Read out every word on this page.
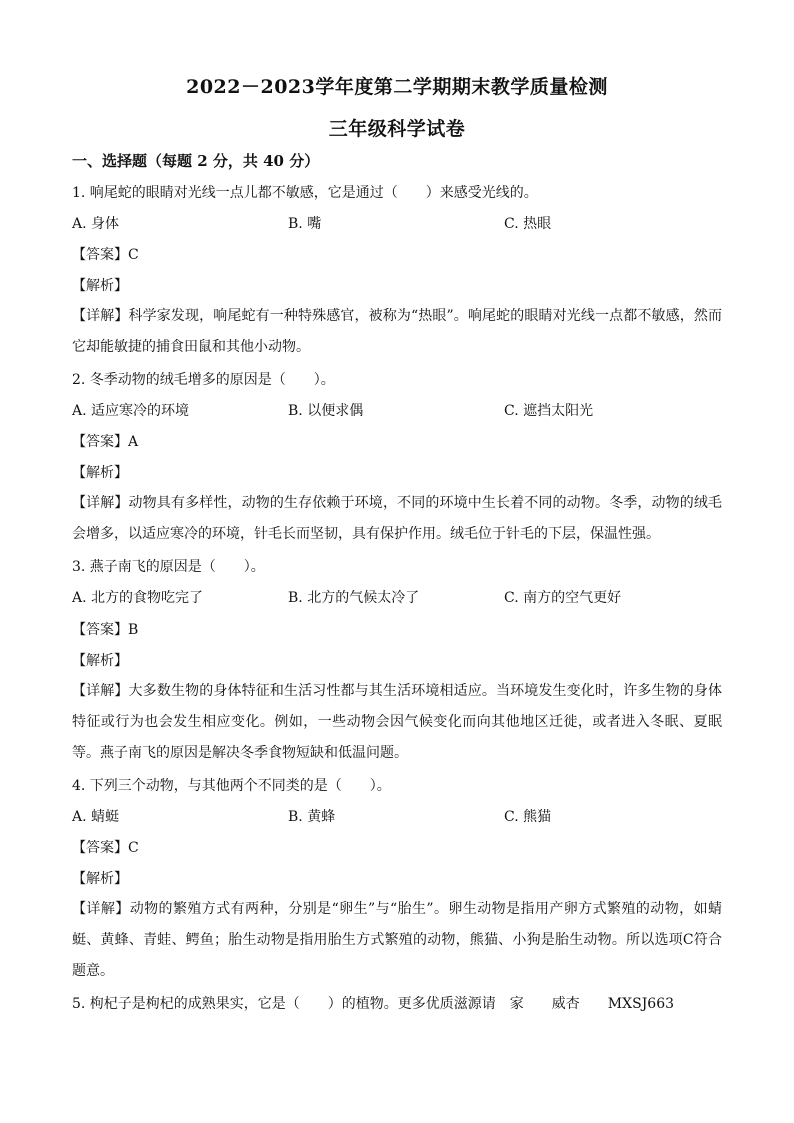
2022－2023学年度第二学期期末教学质量检测
三年级科学试卷
一、选择题（每题 2 分，共 40 分）
1. 响尾蛇的眼睛对光线一点儿都不敏感，它是通过（　　）来感受光线的。
A. 身体	B. 嘴	C. 热眼
【答案】C
【解析】
【详解】科学家发现，响尾蛇有一种特殊感官，被称为“热眼”。响尾蛇的眼睛对光线一点都不敏感，然而它却能敏捷的捕食田鼠和其他小动物。
2. 冬季动物的绒毛增多的原因是（　　）。
A. 适应寒冷的环境	B. 以便求偶	C. 遮挡太阳光
【答案】A
【解析】
【详解】动物具有多样性，动物的生存依赖于环境，不同的环境中生长着不同的动物。冬季，动物的绒毛会增多，以适应寒冷的环境，针毛长而坚韧，具有保护作用。绒毛位于针毛的下层，保温性强。
3. 燕子南飞的原因是（　　）。
A. 北方的食物吃完了	B. 北方的气候太冷了	C. 南方的空气更好
【答案】B
【解析】
【详解】大多数生物的身体特征和生活习性都与其生活环境相适应。当环境发生变化时，许多生物的身体特征或行为也会发生相应变化。例如，一些动物会因气候变化而向其他地区迁徙，或者进入冬眠、夏眠等。燕子南飞的原因是解决冬季食物短缺和低温问题。
4. 下列三个动物，与其他两个不同类的是（　　）。
A. 蜻蜓	B. 黄蜂	C. 熊猫
【答案】C
【解析】
【详解】动物的繁殖方式有两种，分别是“卵生”与“胎生”。卵生动物是指用产卵方式繁殖的动物，如蜻蜓、黄蜂、青蛙、鳄鱼；胎生动物是指用胎生方式繁殖的动物，熊猫、小狗是胎生动物。所以选项C符合题意。
5. 枸杞子是枸杞的成熟果实，它是（　　）的植物。更多优质滋源请　家　　威杏　　MXSJ663
